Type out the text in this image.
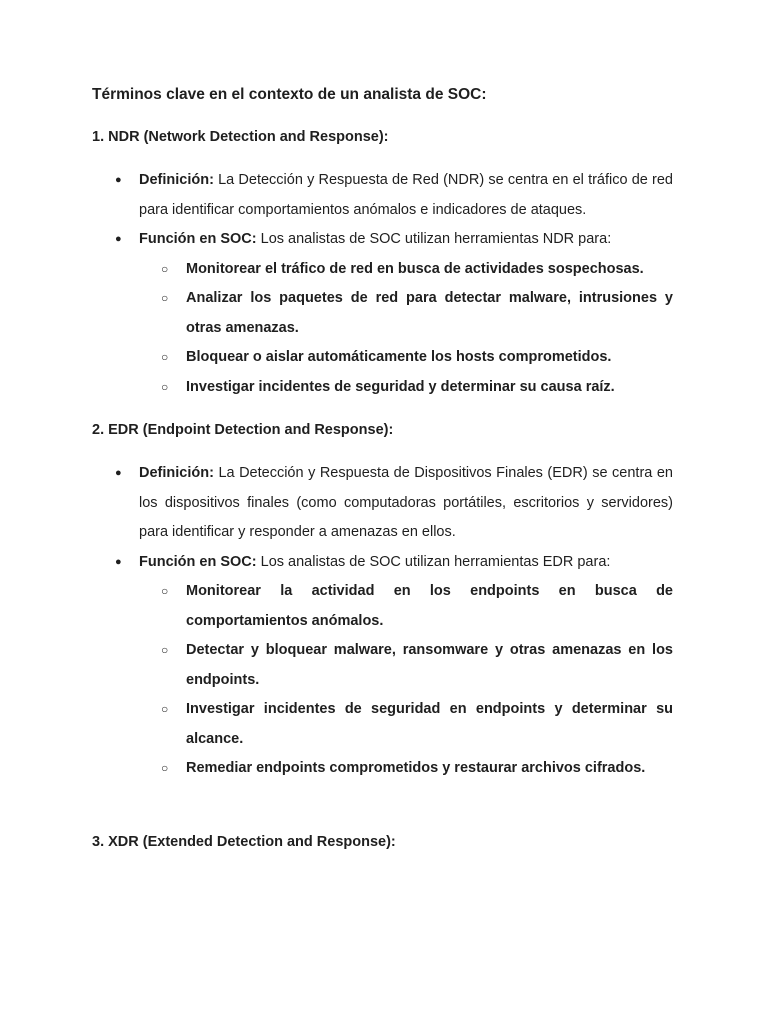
Términos clave en el contexto de un analista de SOC:
1. NDR (Network Detection and Response):
● Definición: La Detección y Respuesta de Red (NDR) se centra en el tráfico de red para identificar comportamientos anómalos e indicadores de ataques.

● Función en SOC: Los analistas de SOC utilizan herramientas NDR para:

○ Monitorear el tráfico de red en busca de actividades sospechosas.

○ Analizar los paquetes de red para detectar malware, intrusiones y otras amenazas.

○ Bloquear o aislar automáticamente los hosts comprometidos.

○ Investigar incidentes de seguridad y determinar su causa raíz.

2. EDR (Endpoint Detection and Response):
● Definición: La Detección y Respuesta de Dispositivos Finales (EDR) se centra en los dispositivos finales (como computadoras portátiles, escritorios y servidores) para identificar y responder a amenazas en ellos.

● Función en SOC: Los analistas de SOC utilizan herramientas EDR para:

○ Monitorear la actividad en los endpoints en busca de comportamientos anómalos.

○ Detectar y bloquear malware, ransomware y otras amenazas en los endpoints.

○ Investigar incidentes de seguridad en endpoints y determinar su alcance.

○ Remediar endpoints comprometidos y restaurar archivos cifrados.

3. XDR (Extended Detection and Response):
